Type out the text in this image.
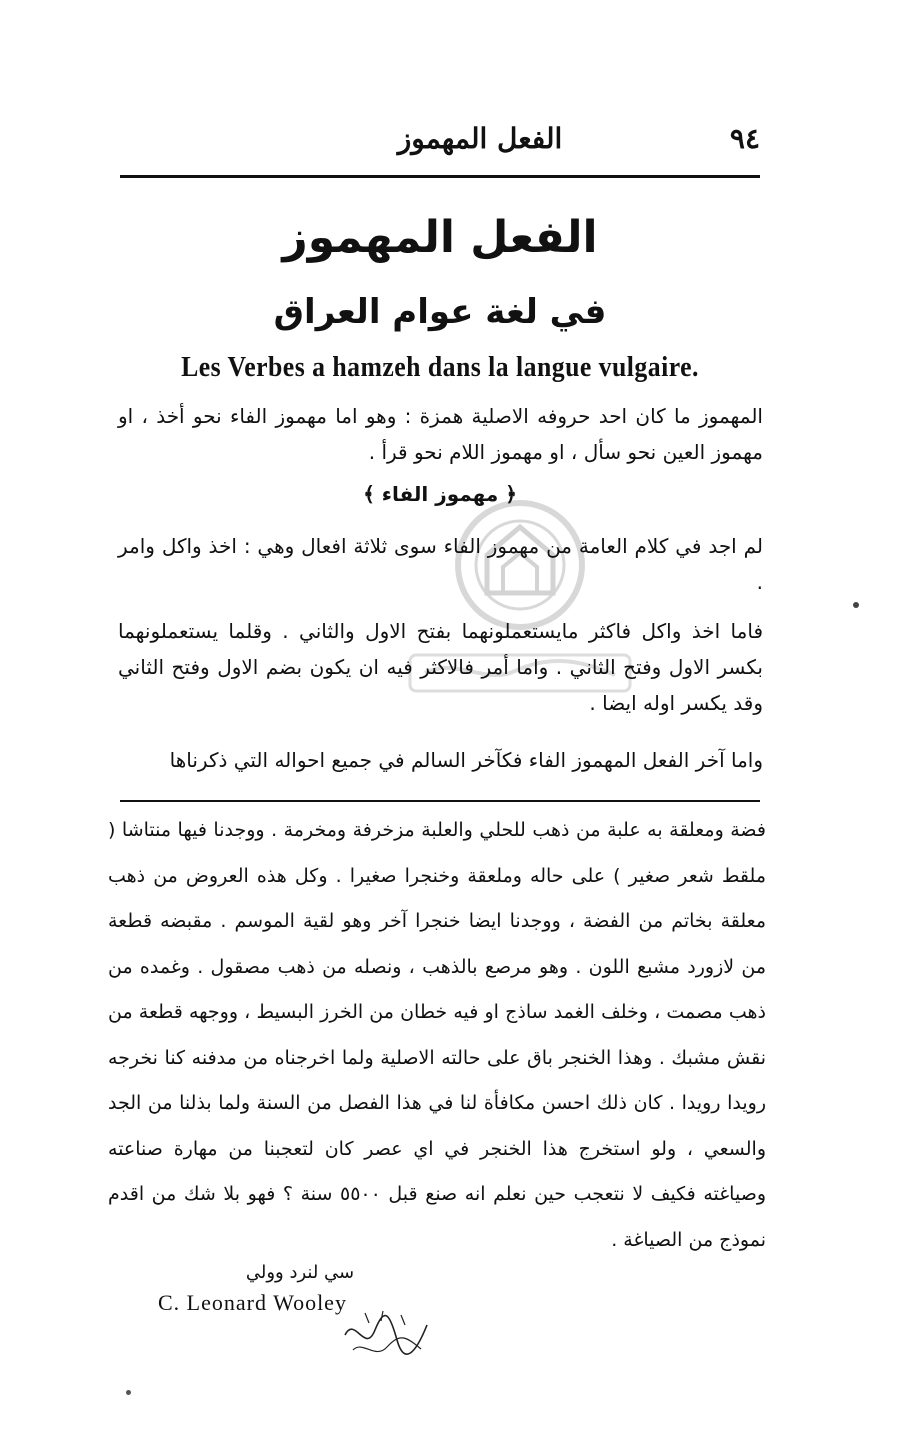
٩٤
الفعل المهموز
الفعل المهموز
في لغة عوام العراق
Les Verbes a hamzeh dans la langue vulgaire.
المهموز ما كان احد حروفه الاصلية همزة : وهو اما مهموز الفاء نحو أخذ ، او مهموز العين نحو سأل ، او مهموز اللام نحو قرأ .
﴿ مهموز الفاء ﴾
لم اجد في كلام العامة من مهموز الفاء سوى ثلاثة افعال وهي : اخذ واكل وامر .
فاما اخذ واكل فاكثر مايستعملونهما بفتح الاول والثاني . وقلما يستعملونهما بكسر الاول وفتح الثاني . واما أمر فالاكثر فيه ان يكون بضم الاول وفتح الثاني وقد يكسر اوله ايضا .
واما آخر الفعل المهموز الفاء فكآخر السالم في جميع احواله التي ذكرناها
فضة ومعلقة به علبة من ذهب للحلي والعلبة مزخرفة ومخرمة . ووجدنا فيها منتاشا ( ملقط شعر صغير ) على حاله وملعقة وخنجرا صغيرا . وكل هذه العروض من ذهب معلقة بخاتم من الفضة ، ووجدنا ايضا خنجرا آخر وهو لقية الموسم . مقبضه قطعة من لازورد مشبع اللون . وهو مرصع بالذهب ، ونصله من ذهب مصقول . وغمده من ذهب مصمت ، وخلف الغمد ساذج او فيه خطان من الخرز البسيط ، ووجهه قطعة من نقش مشبك . وهذا الخنجر باق على حالته الاصلية ولما اخرجناه من مدفنه كنا نخرجه رويدا رويدا . كان ذلك احسن مكافأة لنا في هذا الفصل من السنة ولما بذلنا من الجد والسعي ، ولو استخرج هذا الخنجر في اي عصر كان لتعجبنا من مهارة صناعته وصياغته فكيف لا نتعجب حين نعلم انه صنع قبل ٥٥٠٠ سنة ؟ فهو بلا شك من اقدم نموذج من الصياغة .
سي لنرد وولي
C. Leonard Wooley
